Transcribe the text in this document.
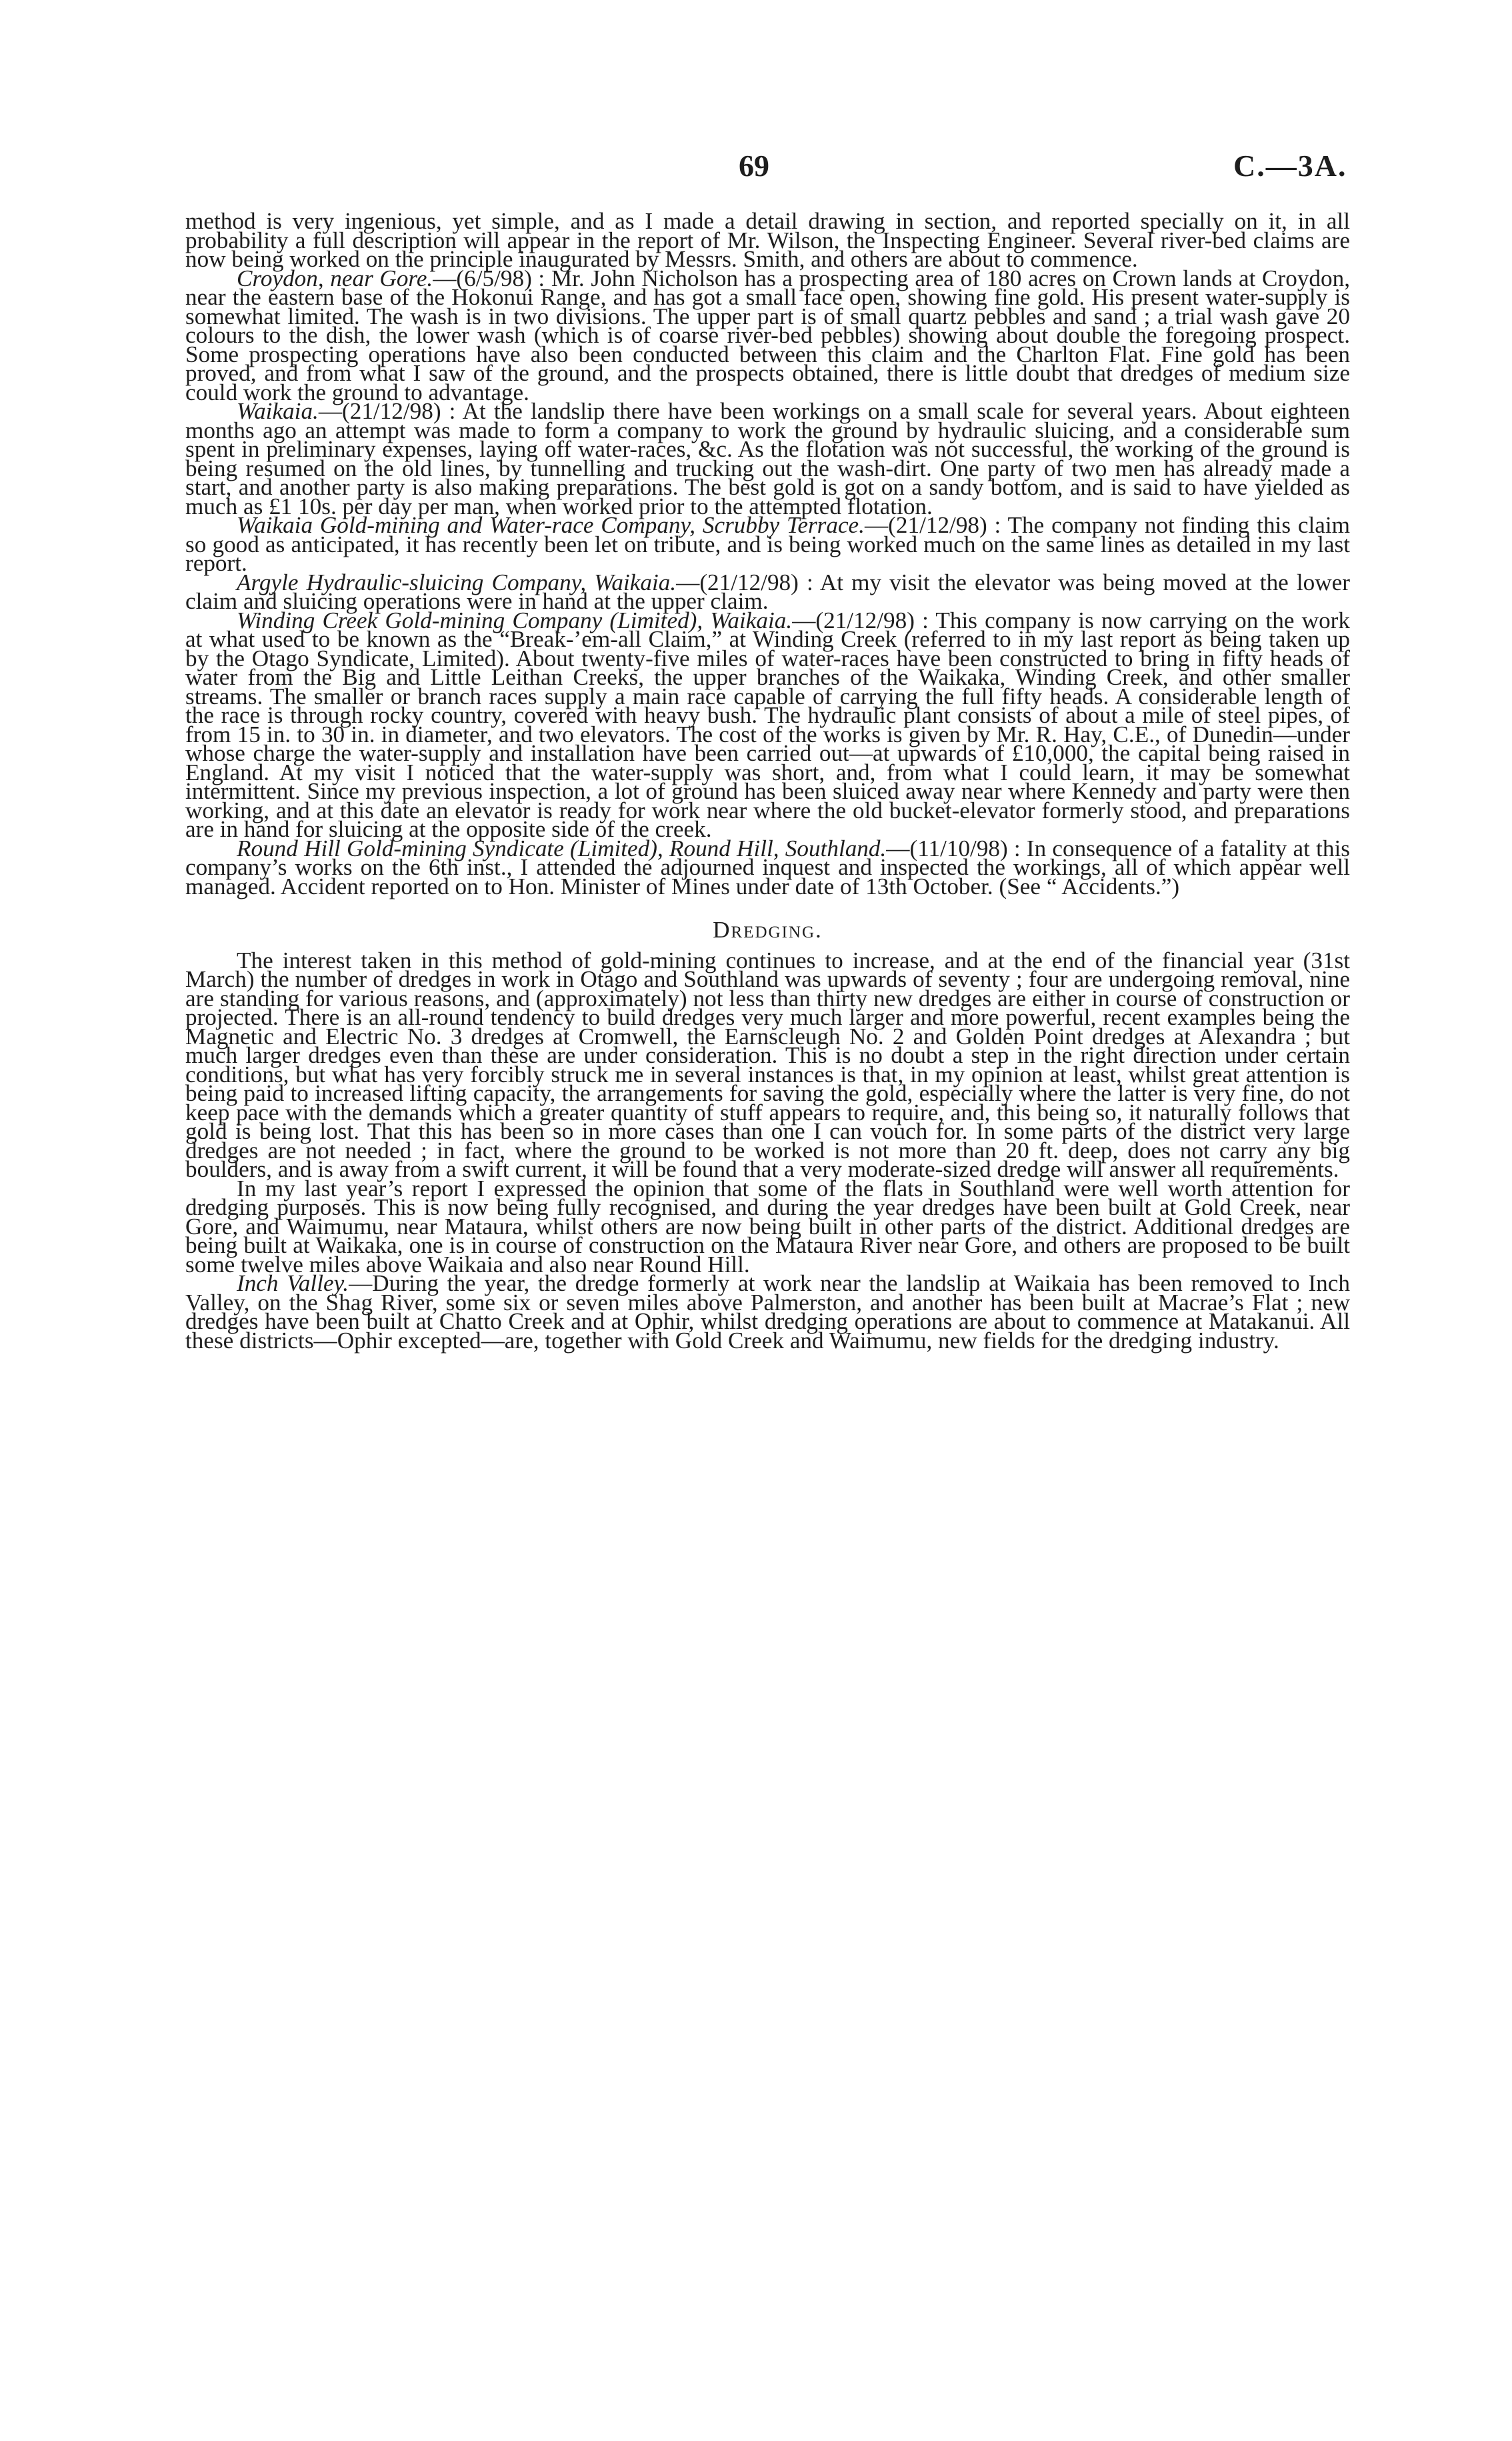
69	C.—3A.

method is very ingenious, yet simple, and as I made a detail drawing in section, and reported specially on it, in all probability a full description will appear in the report of Mr. Wilson, the Inspecting Engineer. Several river-bed claims are now being worked on the principle inaugurated by Messrs. Smith, and others are about to commence.

Croydon, near Gore.—(6/5/98) : Mr. John Nicholson has a prospecting area of 180 acres on Crown lands at Croydon, near the eastern base of the Hokonui Range, and has got a small face open, showing fine gold. His present water-supply is somewhat limited. The wash is in two divisions. The upper part is of small quartz pebbles and sand ; a trial wash gave 20 colours to the dish, the lower wash (which is of coarse river-bed pebbles) showing about double the foregoing prospect. Some prospecting operations have also been conducted between this claim and the Charlton Flat. Fine gold has been proved, and from what I saw of the ground, and the prospects obtained, there is little doubt that dredges of medium size could work the ground to advantage.

Waikaia.—(21/12/98) : At the landslip there have been workings on a small scale for several years. About eighteen months ago an attempt was made to form a company to work the ground by hydraulic sluicing, and a considerable sum spent in preliminary expenses, laying off water-races, &c. As the flotation was not successful, the working of the ground is being resumed on the old lines, by tunnelling and trucking out the wash-dirt. One party of two men has already made a start, and another party is also making preparations. The best gold is got on a sandy bottom, and is said to have yielded as much as £1 10s. per day per man, when worked prior to the attempted flotation.

Waikaia Gold-mining and Water-race Company, Scrubby Terrace.—(21/12/98) : The company not finding this claim so good as anticipated, it has recently been let on tribute, and is being worked much on the same lines as detailed in my last report.

Argyle Hydraulic-sluicing Company, Waikaia.—(21/12/98) : At my visit the elevator was being moved at the lower claim and sluicing operations were in hand at the upper claim.

Winding Creek Gold-mining Company (Limited), Waikaia.—(21/12/98) : This company is now carrying on the work at what used to be known as the “Break-’em-all Claim,” at Winding Creek (referred to in my last report as being taken up by the Otago Syndicate, Limited). About twenty-five miles of water-races have been constructed to bring in fifty heads of water from the Big and Little Leithan Creeks, the upper branches of the Waikaka, Winding Creek, and other smaller streams. The smaller or branch races supply a main race capable of carrying the full fifty heads. A considerable length of the race is through rocky country, covered with heavy bush. The hydraulic plant consists of about a mile of steel pipes, of from 15 in. to 30 in. in diameter, and two elevators. The cost of the works is given by Mr. R. Hay, C.E., of Dunedin—under whose charge the water-supply and installation have been carried out—at upwards of £10,000, the capital being raised in England. At my visit I noticed that the water-supply was short, and, from what I could learn, it may be somewhat intermittent. Since my previous inspection, a lot of ground has been sluiced away near where Kennedy and party were then working, and at this date an elevator is ready for work near where the old bucket-elevator formerly stood, and preparations are in hand for sluicing at the opposite side of the creek.

Round Hill Gold-mining Syndicate (Limited), Round Hill, Southland.—(11/10/98) : In consequence of a fatality at this company’s works on the 6th inst., I attended the adjourned inquest and inspected the workings, all of which appear well managed. Accident reported on to Hon. Minister of Mines under date of 13th October. (See “ Accidents.”)

Dredging.

The interest taken in this method of gold-mining continues to increase, and at the end of the financial year (31st March) the number of dredges in work in Otago and Southland was upwards of seventy ; four are undergoing removal, nine are standing for various reasons, and (approximately) not less than thirty new dredges are either in course of construction or projected. There is an all-round tendency to build dredges very much larger and more powerful, recent examples being the Magnetic and Electric No. 3 dredges at Cromwell, the Earnscleugh No. 2 and Golden Point dredges at Alexandra ; but much larger dredges even than these are under consideration. This is no doubt a step in the right direction under certain conditions, but what has very forcibly struck me in several instances is that, in my opinion at least, whilst great attention is being paid to increased lifting capacity, the arrangements for saving the gold, especially where the latter is very fine, do not keep pace with the demands which a greater quantity of stuff appears to require, and, this being so, it naturally follows that gold is being lost. That this has been so in more cases than one I can vouch for. In some parts of the district very large dredges are not needed ; in fact, where the ground to be worked is not more than 20 ft. deep, does not carry any big boulders, and is away from a swift current, it will be found that a very moderate-sized dredge will answer all requirements.

In my last year’s report I expressed the opinion that some of the flats in Southland were well worth attention for dredging purposes. This is now being fully recognised, and during the year dredges have been built at Gold Creek, near Gore, and Waimumu, near Mataura, whilst others are now being built in other parts of the district. Additional dredges are being built at Waikaka, one is in course of construction on the Mataura River near Gore, and others are proposed to be built some twelve miles above Waikaia and also near Round Hill.

Inch Valley.—During the year, the dredge formerly at work near the landslip at Waikaia has been removed to Inch Valley, on the Shag River, some six or seven miles above Palmerston, and another has been built at Macrae’s Flat ; new dredges have been built at Chatto Creek and at Ophir, whilst dredging operations are about to commence at Matakanui. All these districts—Ophir excepted—are, together with Gold Creek and Waimumu, new fields for the dredging industry.
